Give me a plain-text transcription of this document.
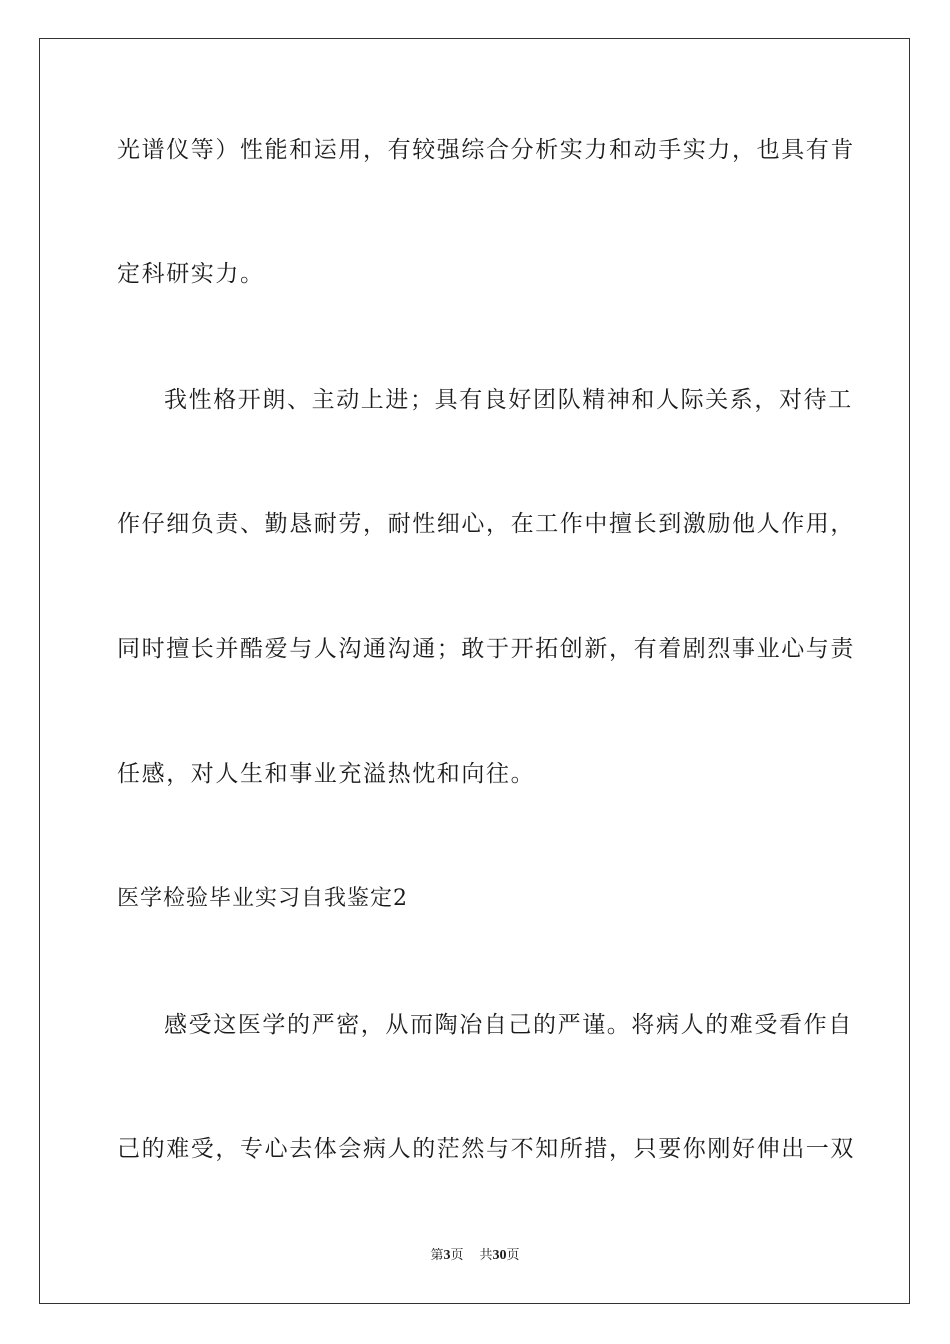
光谱仪等）性能和运用，有较强综合分析实力和动手实力，也具有肯
定科研实力。
我性格开朗、主动上进；具有良好团队精神和人际关系，对待工
作仔细负责、勤恳耐劳，耐性细心，在工作中擅长到激励他人作用，
同时擅长并酷爱与人沟通沟通；敢于开拓创新，有着剧烈事业心与责
任感，对人生和事业充溢热忱和向往。
医学检验毕业实习自我鉴定2
感受这医学的严密，从而陶冶自己的严谨。将病人的难受看作自
己的难受，专心去体会病人的茫然与不知所措，只要你刚好伸出一双
第3页 共30页
